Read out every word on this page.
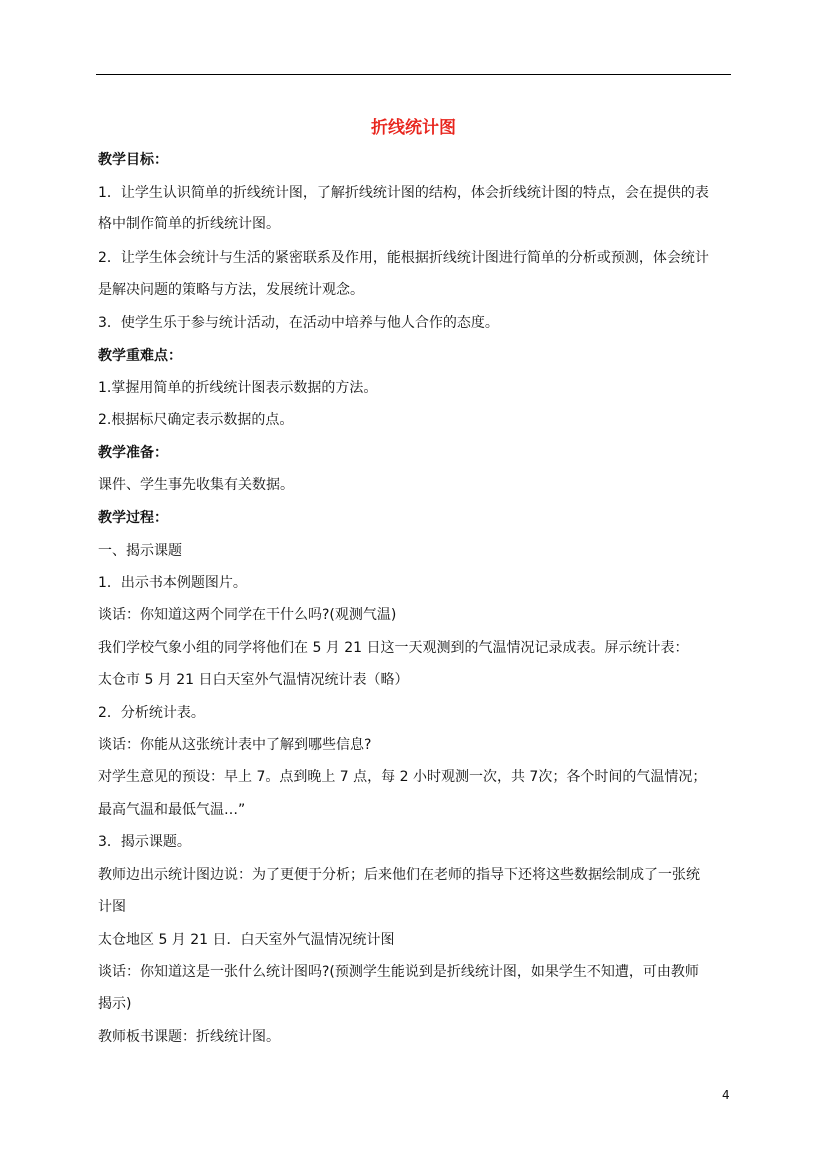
折线统计图
教学目标：
1．让学生认识简单的折线统计图，了解折线统计图的结构，体会折线统计图的特点，会在提供的表
格中制作简单的折线统计图。
2．让学生体会统计与生活的紧密联系及作用，能根据折线统计图进行简单的分析或预测，体会统计
是解决问题的策略与方法，发展统计观念。
3．使学生乐于参与统计活动，在活动中培养与他人合作的态度。
教学重难点：
1.掌握用简单的折线统计图表示数据的方法。
2.根据标尺确定表示数据的点。
教学准备：
课件、学生事先收集有关数据。
教学过程：
一、揭示课题
1．出示书本例题图片。
谈话：你知道这两个同学在干什么吗?(观测气温)
我们学校气象小组的同学将他们在 5 月 21 日这一天观测到的气温情况记录成表。屏示统计表：
太仓市 5 月 21 日白天室外气温情况统计表（略）
2．分析统计表。
谈话：你能从这张统计表中了解到哪些信息?
对学生意见的预设：早上 7。点到晚上 7 点，每 2 小时观测一次，共 7次；各个时间的气温情况；
最高气温和最低气温…”
3．揭示课题。
教师边出示统计图边说：为了更便于分析；后来他们在老师的指导下还将这些数据绘制成了一张统
计图
太仓地区 5 月 21 日．白天室外气温情况统计图
谈话：你知道这是一张什么统计图吗?(预测学生能说到是折线统计图，如果学生不知遭，可由教师
揭示)
教师板书课题：折线统计图。
4
